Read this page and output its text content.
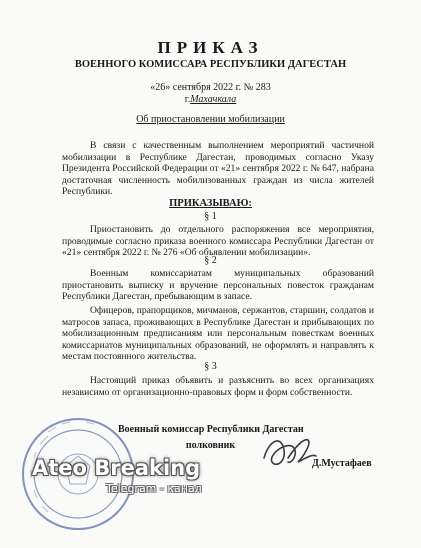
ПРИКАЗ
ВОЕННОГО КОМИССАРА РЕСПУБЛИКИ ДАГЕСТАН
«26» сентября 2022 г. № 283
г.Махачкала
Об приостановлении мобилизации

В связи с качественным выполнением мероприятий частичной мобилизации в Республике Дагестан, проводимых согласно Указу Президента Российской Федерации от «21» сентября 2022 г. № 647, набрана достаточная численность мобилизованных граждан из числа жителей Республики.

ПРИКАЗЫВАЮ:
§ 1

Приостановить до отдельного распоряжения все мероприятия, проводимые согласно приказа военного комиссара Республики Дагестан от «21» сентября 2022 г. № 276 «Об объявлении мобилизации».

§ 2

Военным комиссариатам муниципальных образований приостановить выписку и вручение персональных повесток гражданам Республики Дагестан, пребывающим в запасе.

Офицеров, прапорщиков, мичманов, сержантов, старшин, солдатов и матросов запаса, проживающих в Республике Дагестан и прибывающих по мобилизационным предписаниям или персональным повесткам военных комиссариатов муниципальных образований, не оформлять и направлять к местам постоянного жительства.

§ 3

Настоящий приказ объявить и разъяснить во всех организациях независимо от организационно-правовых форм и форм собственности.

Военный комиссар Республики Дагестан
полковник
Д.Мустафаев
Ateo Breaking
Telegram - канал
